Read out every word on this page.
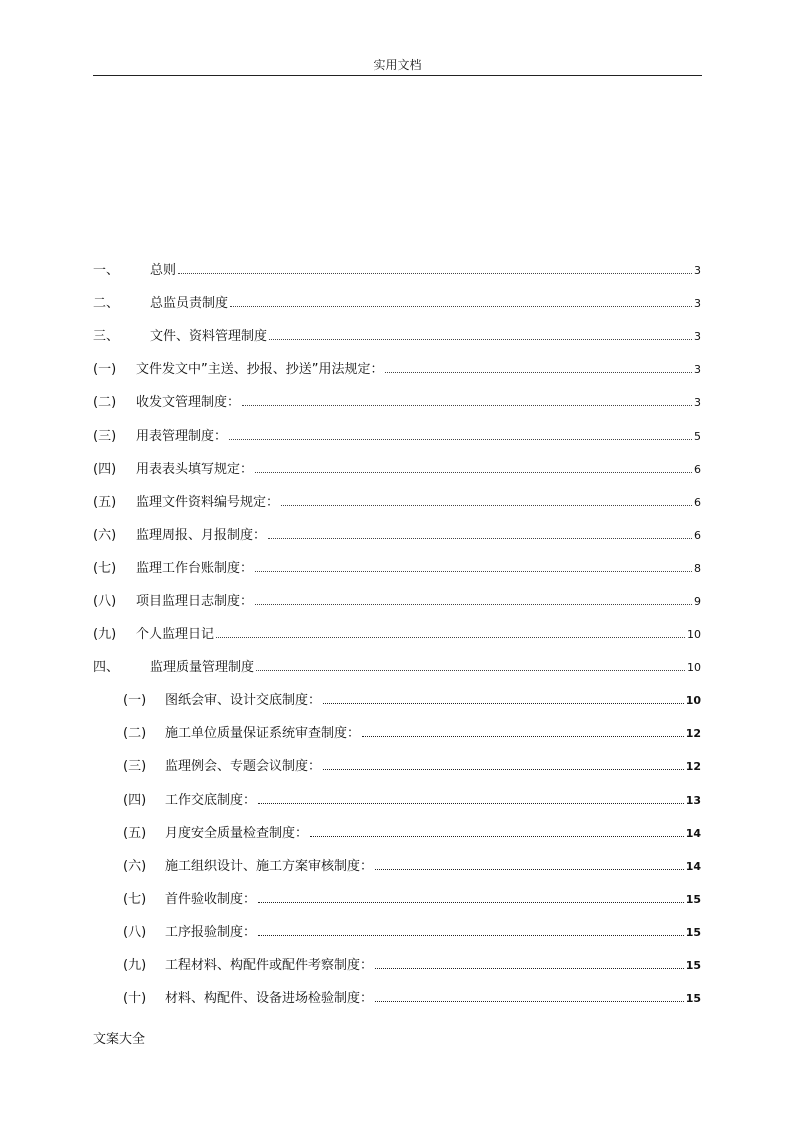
实用文档
一、	总则	3
二、	总监员责制度	3
三、	文件、资料管理制度	3
(一)	文件发文中”主送、抄报、抄送”用法规定：	3
(二)	收发文管理制度：	3
(三)	用表管理制度：	5
(四)	用表表头填写规定：	6
(五)	监理文件资料编号规定：	6
(六)	监理周报、月报制度：	6
(七)	监理工作台账制度：	8
(八)	项目监理日志制度：	9
(九)	个人监理日记	10
四、	监理质量管理制度	10
(一)	图纸会审、设计交底制度：	10
(二)	施工单位质量保证系统审查制度：	12
(三)	监理例会、专题会议制度：	12
(四)	工作交底制度：	13
(五)	月度安全质量检查制度：	14
(六)	施工组织设计、施工方案审核制度：	14
(七)	首件验收制度：	15
(八)	工序报验制度：	15
(九)	工程材料、构配件或配件考察制度：	15
(十)	材料、构配件、设备进场检验制度：	15
文案大全
